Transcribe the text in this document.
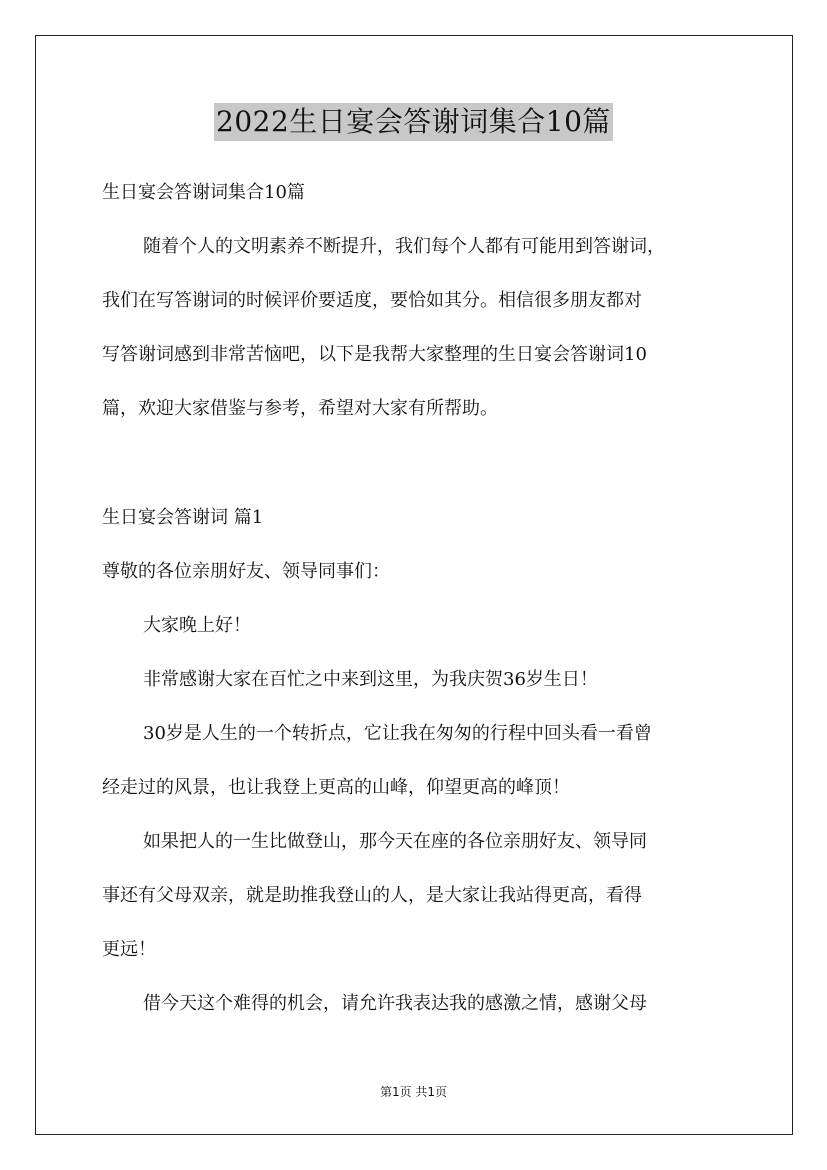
2022生日宴会答谢词集合10篇
生日宴会答谢词集合10篇
随着个人的文明素养不断提升，我们每个人都有可能用到答谢词，
我们在写答谢词的时候评价要适度，要恰如其分。相信很多朋友都对
写答谢词感到非常苦恼吧，以下是我帮大家整理的生日宴会答谢词10
篇，欢迎大家借鉴与参考，希望对大家有所帮助。
生日宴会答谢词 篇1
尊敬的各位亲朋好友、领导同事们：
大家晚上好！
非常感谢大家在百忙之中来到这里，为我庆贺36岁生日！
30岁是人生的一个转折点，它让我在匆匆的行程中回头看一看曾
经走过的风景，也让我登上更高的山峰，仰望更高的峰顶！
如果把人的一生比做登山，那今天在座的各位亲朋好友、领导同
事还有父母双亲，就是助推我登山的人，是大家让我站得更高，看得
更远！
借今天这个难得的机会，请允许我表达我的感激之情，感谢父母
第1页 共1页
